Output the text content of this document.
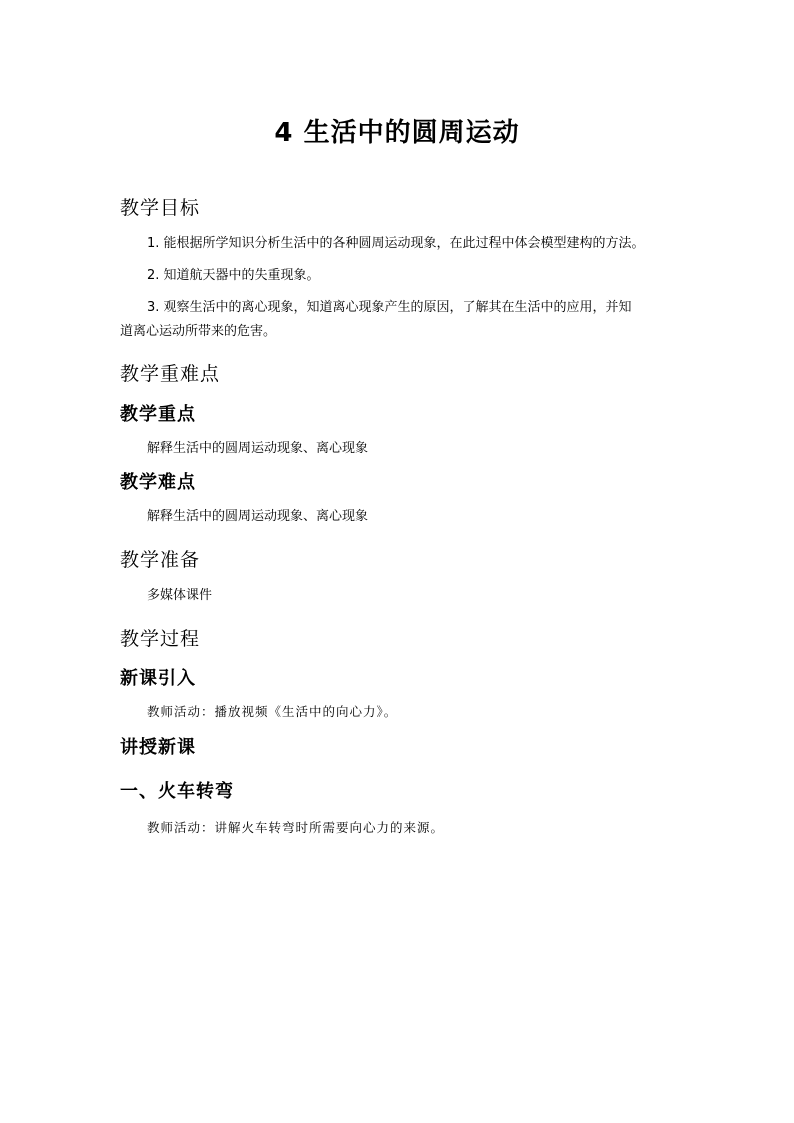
4 生活中的圆周运动
教学目标
1. 能根据所学知识分析生活中的各种圆周运动现象，在此过程中体会模型建构的方法。
2. 知道航天器中的失重现象。
3. 观察生活中的离心现象，知道离心现象产生的原因，了解其在生活中的应用，并知
道离心运动所带来的危害。
教学重难点
教学重点
解释生活中的圆周运动现象、离心现象
教学难点
解释生活中的圆周运动现象、离心现象
教学准备
多媒体课件
教学过程
新课引入
教师活动：播放视频《生活中的向心力》。
讲授新课
一、火车转弯
教师活动：讲解火车转弯时所需要向心力的来源。
